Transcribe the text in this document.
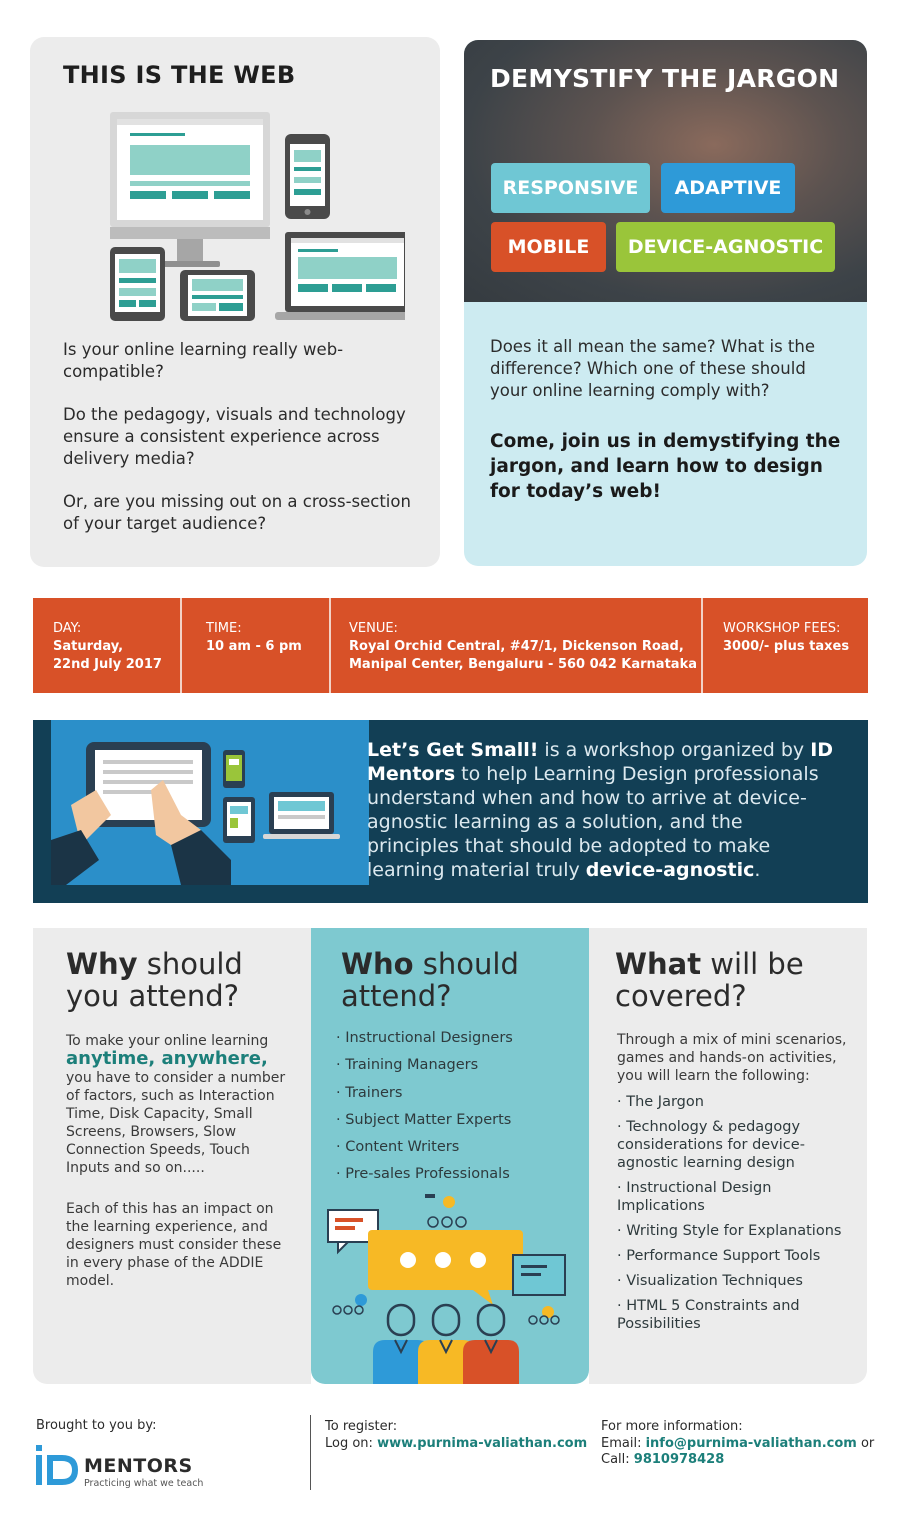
THIS IS THE WEB

Is your online learning really web-compatible?

Do the pedagogy, visuals and technology ensure a consistent experience across delivery media?

Or, are you missing out on a cross-section of your target audience?

DEMYSTIFY THE JARGON
RESPONSIVE	ADAPTIVE
MOBILE	DEVICE-AGNOSTIC

Does it all mean the same? What is the difference? Which one of these should your online learning comply with?

Come, join us in demystifying the jargon, and learn how to design for today’s web!

DAY:
Saturday,
22nd July 2017
TIME:
10 am - 6 pm
VENUE:
Royal Orchid Central, #47/1, Dickenson Road,
Manipal Center, Bengaluru - 560 042 Karnataka
WORKSHOP FEES:
3000/- plus taxes

Let’s Get Small! is a workshop organized by ID Mentors to help Learning Design professionals understand when and how to arrive at device-agnostic learning as a solution, and the principles that should be adopted to make learning material truly device-agnostic.

Why should you attend?
To make your online learning
anytime, anywhere, you have to consider a number of factors, such as Interaction Time, Disk Capacity, Small Screens, Browsers, Slow Connection Speeds, Touch Inputs and so on.....

Each of this has an impact on the learning experience, and designers must consider these in every phase of the ADDIE model.

Who should attend?
· Instructional Designers
· Training Managers
· Trainers
· Subject Matter Experts
· Content Writers
· Pre-sales Professionals
What will be covered?

Through a mix of mini scenarios, games and hands-on activities, you will learn the following:

· The Jargon
· Technology & pedagogy considerations for device-agnostic learning design
· Instructional Design Implications
· Writing Style for Explanations
· Performance Support Tools
· Visualization Techniques
· HTML 5 Constraints and Possibilities
Brought to you by:
MENTORS
Practicing what we teach
To register:
Log on: www.purnima-valiathan.com
For more information:
Email: info@purnima-valiathan.com or
Call: 9810978428
